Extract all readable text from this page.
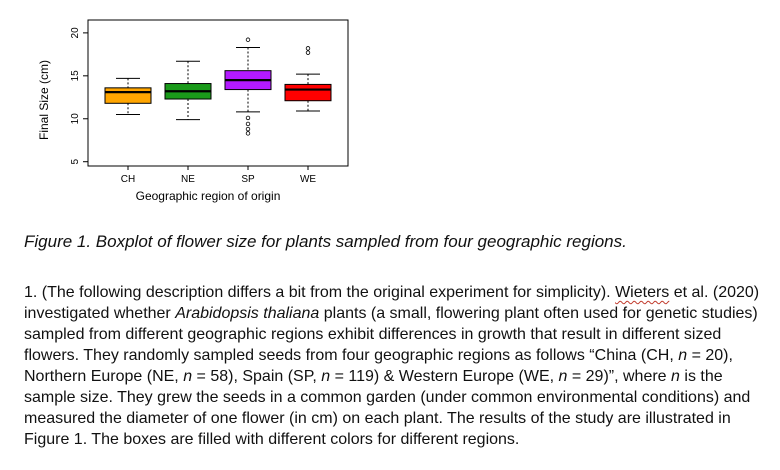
5
10
15
20
CH	NE	SP	WE
Final Size (cm)
Geographic region of origin

Figure 1. Boxplot of flower size for plants sampled from four geographic regions.

1. (The following description differs a bit from the original experiment for simplicity). Wieters et al. (2020) investigated whether Arabidopsis thaliana plants (a small, flowering plant often used for genetic studies) sampled from different geographic regions exhibit differences in growth that result in different sized flowers. They randomly sampled seeds from four geographic regions as follows “China (CH, n = 20), Northern Europe (NE, n = 58), Spain (SP, n = 119) & Western Europe (WE, n = 29)”, where n is the sample size. They grew the seeds in a common garden (under common environmental conditions) and measured the diameter of one flower (in cm) on each plant. The results of the study are illustrated in Figure 1. The boxes are filled with different colors for different regions.
